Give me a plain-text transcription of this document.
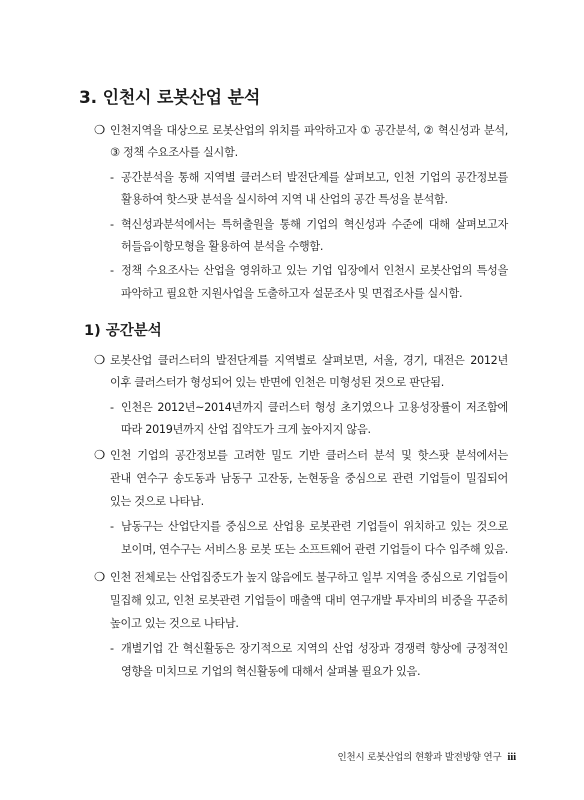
3. 인천시 로봇산업 분석
❍ 인천지역을 대상으로 로봇산업의 위치를 파악하고자 ① 공간분석, ② 혁신성과 분석,
③ 정책 수요조사를 실시함.
- 공간분석을 통해 지역별 클러스터 발전단계를 살펴보고, 인천 기업의 공간정보를
활용하여 핫스팟 분석을 실시하여 지역 내 산업의 공간 특성을 분석함.
- 혁신성과분석에서는 특허출원을 통해 기업의 혁신성과 수준에 대해 살펴보고자
허들음이항모형을 활용하여 분석을 수행함.
- 정책 수요조사는 산업을 영위하고 있는 기업 입장에서 인천시 로봇산업의 특성을
파악하고 필요한 지원사업을 도출하고자 설문조사 및 면접조사를 실시함.
1) 공간분석
❍ 로봇산업 클러스터의 발전단계를 지역별로 살펴보면, 서울, 경기, 대전은 2012년
이후 클러스터가 형성되어 있는 반면에 인천은 미형성된 것으로 판단됨.
- 인천은 2012년~2014년까지 클러스터 형성 초기였으나 고용성장률이 저조함에
따라 2019년까지 산업 집약도가 크게 높아지지 않음.
❍ 인천 기업의 공간정보를 고려한 밀도 기반 클러스터 분석 및 핫스팟 분석에서는
관내 연수구 송도동과 남동구 고잔동, 논현동을 중심으로 관련 기업들이 밀집되어
있는 것으로 나타남.
- 남동구는 산업단지를 중심으로 산업용 로봇관련 기업들이 위치하고 있는 것으로
보이며, 연수구는 서비스용 로봇 또는 소프트웨어 관련 기업들이 다수 입주해 있음.
❍ 인천 전체로는 산업집중도가 높지 않음에도 불구하고 일부 지역을 중심으로 기업들이
밀집해 있고, 인천 로봇관련 기업들이 매출액 대비 연구개발 투자비의 비중을 꾸준히
높이고 있는 것으로 나타남.
- 개별기업 간 혁신활동은 장기적으로 지역의 산업 성장과 경쟁력 향상에 긍정적인
영향을 미치므로 기업의 혁신활동에 대해서 살펴볼 필요가 있음.
인천시 로봇산업의 현황과 발전방향 연구 iii
